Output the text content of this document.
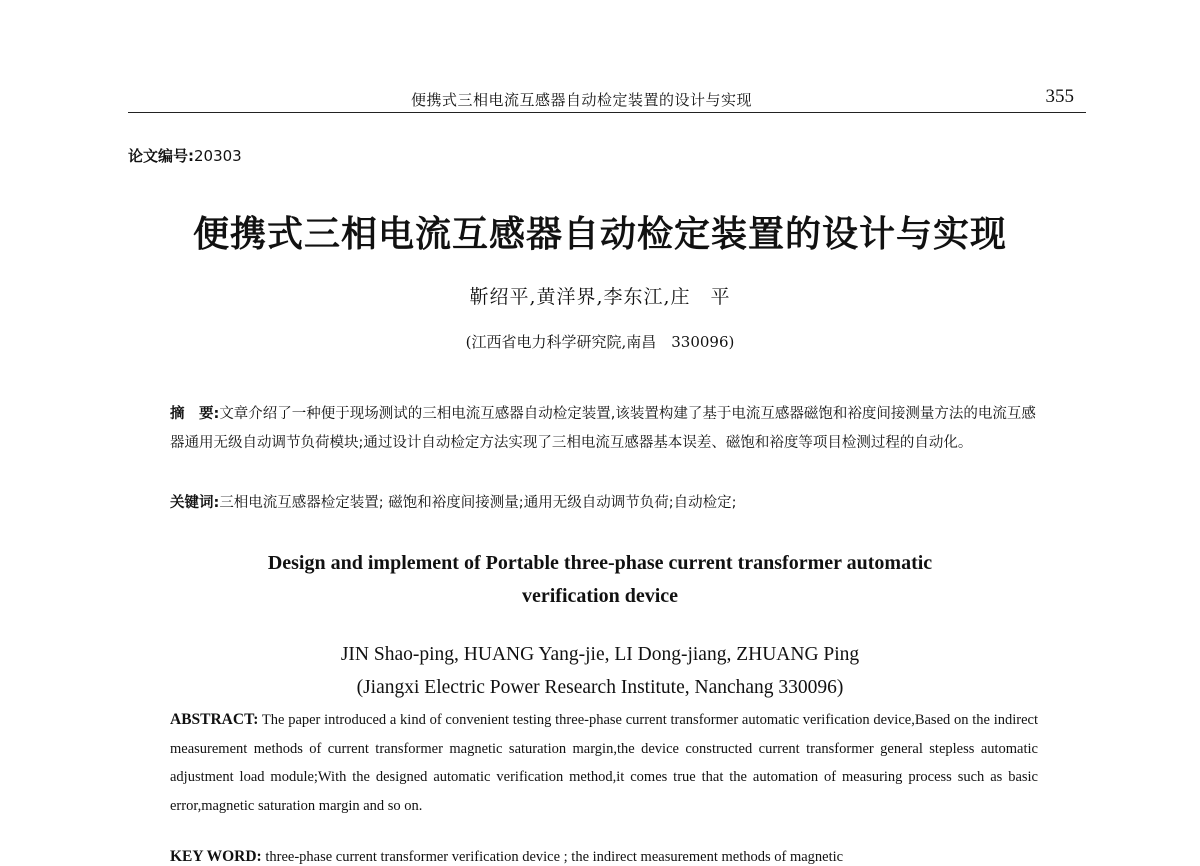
便携式三相电流互感器自动检定装置的设计与实现	355
论文编号:20303
便携式三相电流互感器自动检定装置的设计与实现
靳绍平,黄洋界,李东江,庄　平
(江西省电力科学研究院,南昌　330096)
摘　要:文章介绍了一种便于现场测试的三相电流互感器自动检定装置,该装置构建了基于电流互感器磁饱和裕度间接测量方法的电流互感器通用无级自动调节负荷模块;通过设计自动检定方法实现了三相电流互感器基本误差、磁饱和裕度等项目检测过程的自动化。
关键词:三相电流互感器检定装置; 磁饱和裕度间接测量;通用无级自动调节负荷;自动检定;
Design and implement of Portable three-phase current transformer automatic
verification device
JIN Shao-ping, HUANG Yang-jie, LI Dong-jiang, ZHUANG Ping
(Jiangxi Electric Power Research Institute, Nanchang 330096)
ABSTRACT: The paper introduced a kind of convenient testing three-phase current transformer automatic verification device,Based on the indirect measurement methods of current transformer magnetic saturation margin,the device constructed current transformer general stepless automatic adjustment load module;With the designed automatic verification method,it comes true that the automation of measuring process such as basic error,magnetic saturation margin and so on.
KEY WORD: three-phase current transformer verification device ; the indirect measurement methods of magnetic
